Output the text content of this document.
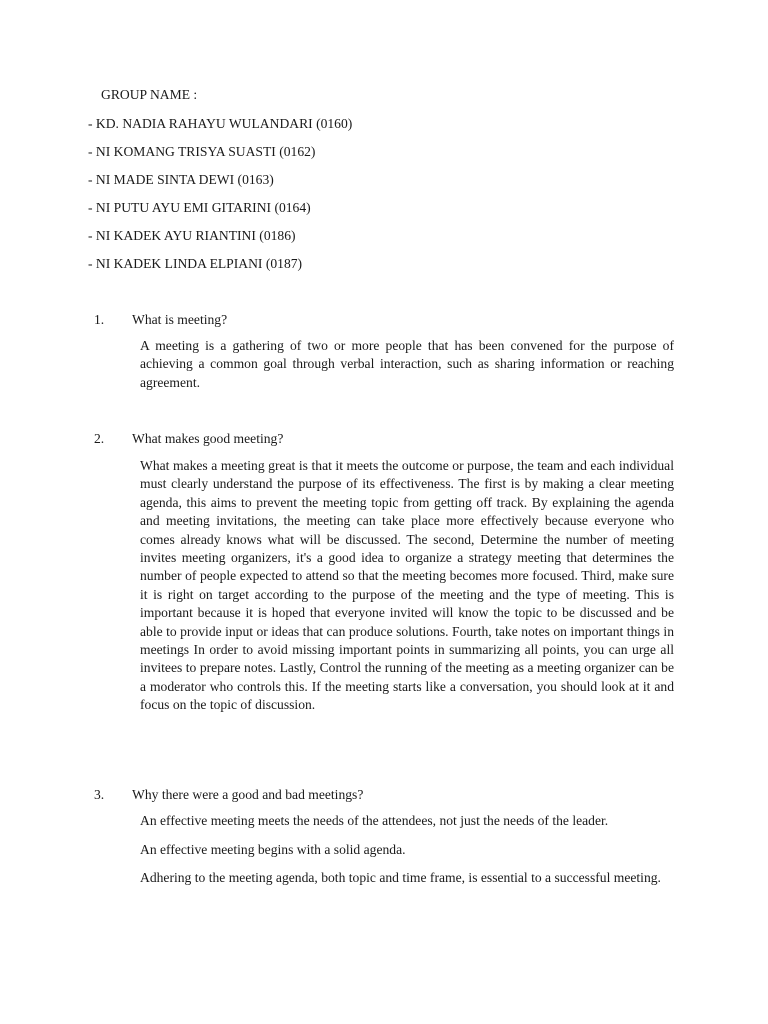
GROUP NAME :
- KD. NADIA RAHAYU WULANDARI (0160)
- NI KOMANG TRISYA SUASTI (0162)
- NI MADE SINTA DEWI (0163)
- NI PUTU AYU EMI GITARINI (0164)
- NI KADEK AYU RIANTINI (0186)
- NI KADEK LINDA ELPIANI (0187)
1. What is meeting?

A meeting is a gathering of two or more people that has been convened for the purpose of achieving a common goal through verbal interaction, such as sharing information or reaching agreement.

2. What makes good meeting?

What makes a meeting great is that it meets the outcome or purpose, the team and each individual must clearly understand the purpose of its effectiveness. The first is by making a clear meeting agenda, this aims to prevent the meeting topic from getting off track. By explaining the agenda and meeting invitations, the meeting can take place more effectively because everyone who comes already knows what will be discussed. The second, Determine the number of meeting invites meeting organizers, it's a good idea to organize a strategy meeting that determines the number of people expected to attend so that the meeting becomes more focused. Third, make sure it is right on target according to the purpose of the meeting and the type of meeting. This is important because it is hoped that everyone invited will know the topic to be discussed and be able to provide input or ideas that can produce solutions. Fourth, take notes on important things in meetings In order to avoid missing important points in summarizing all points, you can urge all invitees to prepare notes. Lastly, Control the running of the meeting as a meeting organizer can be a moderator who controls this. If the meeting starts like a conversation, you should look at it and focus on the topic of discussion.

3. Why there were a good and bad meetings?

An effective meeting meets the needs of the attendees, not just the needs of the leader.

An effective meeting begins with a solid agenda.

Adhering to the meeting agenda, both topic and time frame, is essential to a successful meeting.
